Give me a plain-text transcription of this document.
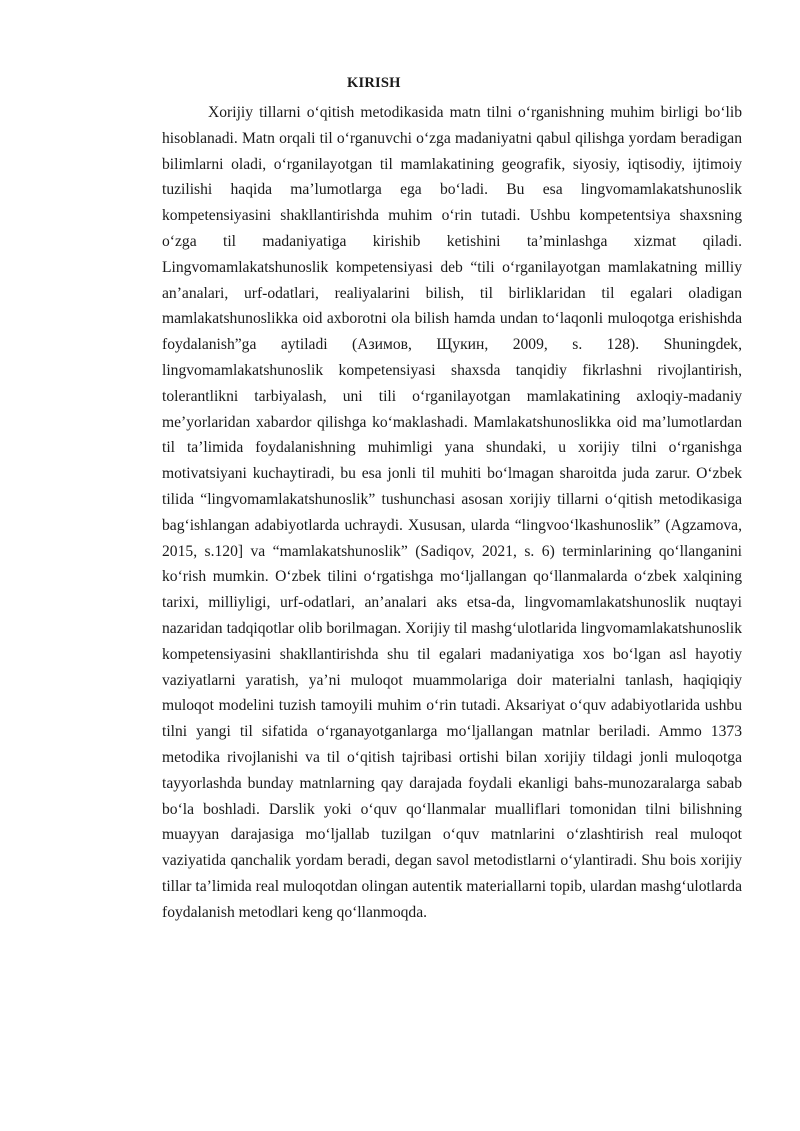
KIRISH

Xorijiy tillarni oʻqitish metodikasida matn tilni oʻrganishning muhim birligi boʻlib hisoblanadi. Matn orqali til oʻrganuvchi oʻzga madaniyatni qabul qilishga yordam beradigan bilimlarni oladi, oʻrganilayotgan til mamlakatining geografik, siyosiy, iqtisodiy, ijtimoiy tuzilishi haqida maʼlumotlarga ega boʻladi. Bu esa lingvomamlakatshunoslik kompetensiyasini shakllantirishda muhim oʻrin tutadi. Ushbu kompetentsiya shaxsning oʻzga til madaniyatiga kirishib ketishini taʼminlashga xizmat qiladi. Lingvomamlakatshunoslik kompetensiyasi deb “tili oʻrganilayotgan mamlakatning milliy anʼanalari, urf-odatlari, realiyalarini bilish, til birliklaridan til egalari oladigan mamlakatshunoslikka oid axborotni ola bilish hamda undan toʻlaqonli muloqotga erishishda foydalanish”ga aytiladi (Азимов, Щукин, 2009, s. 128). Shuningdek, lingvomamlakatshunoslik kompetensiyasi shaxsda tanqidiy fikrlashni rivojlantirish, tolerantlikni tarbiyalash, uni tili oʻrganilayotgan mamlakatining axloqiy-madaniy meʼyorlaridan xabardor qilishga koʻmaklashadi. Mamlakatshunoslikka oid maʼlumotlardan til taʼlimida foydalanishning muhimligi yana shundaki, u xorijiy tilni oʻrganishga motivatsiyani kuchaytiradi, bu esa jonli til muhiti boʻlmagan sharoitda juda zarur. Oʻzbek tilida “lingvomamlakatshunoslik” tushunchasi asosan xorijiy tillarni oʻqitish metodikasiga bagʻishlangan adabiyotlarda uchraydi. Xususan, ularda “lingvooʻlkashunoslik” (Agzamova, 2015, s.120] va “mamlakatshunoslik” (Sadiqov, 2021, s. 6) terminlarining qoʻllanganini koʻrish mumkin. Oʻzbek tilini oʻrgatishga moʻljallangan qoʻllanmalarda oʻzbek xalqining tarixi, milliyligi, urf-odatlari, anʼanalari aks etsa-da, lingvomamlakatshunoslik nuqtayi nazaridan tadqiqotlar olib borilmagan. Xorijiy til mashgʻulotlarida lingvomamlakatshunoslik kompetensiyasini shakllantirishda shu til egalari madaniyatiga xos boʻlgan asl hayotiy vaziyatlarni yaratish, yaʼni muloqot muammolariga doir materialni tanlash, haqiqiqiy muloqot modelini tuzish tamoyili muhim oʻrin tutadi. Aksariyat oʻquv adabiyotlarida ushbu tilni yangi til sifatida oʻrganayotganlarga moʻljallangan matnlar beriladi. Ammo 1373 metodika rivojlanishi va til oʻqitish tajribasi ortishi bilan xorijiy tildagi jonli muloqotga tayyorlashda bunday matnlarning qay darajada foydali ekanligi bahs-munozaralarga sabab boʻla boshladi. Darslik yoki oʻquv qoʻllanmalar mualliflari tomonidan tilni bilishning muayyan darajasiga moʻljallab tuzilgan oʻquv matnlarini oʻzlashtirish real muloqot vaziyatida qanchalik yordam beradi, degan savol metodistlarni oʻylantiradi. Shu bois xorijiy tillar taʼlimida real muloqotdan olingan autentik materiallarni topib, ulardan mashgʻulotlarda foydalanish metodlari keng qoʻllanmoqda.
